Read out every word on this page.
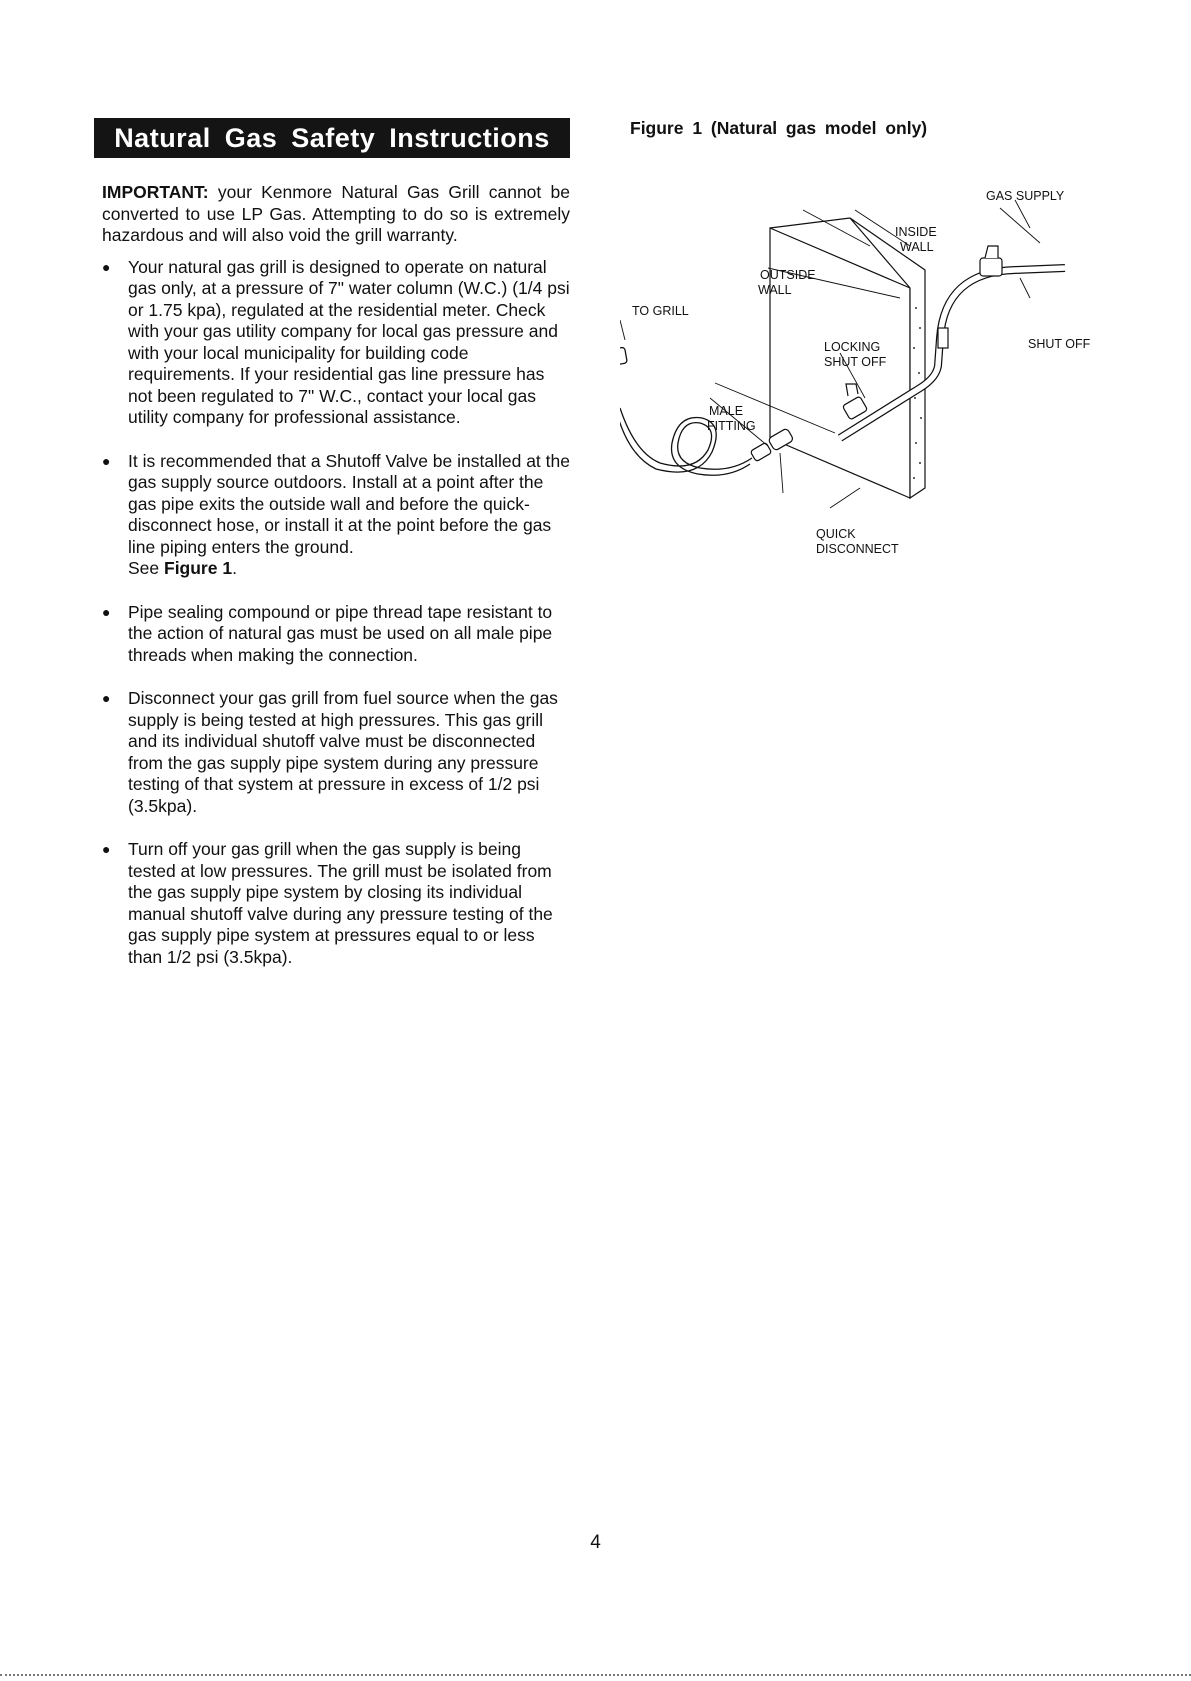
Natural Gas Safety Instructions

IMPORTANT: your Kenmore Natural Gas Grill cannot be converted to use LP Gas. Attempting to do so is extremely hazardous and will also void the grill warranty.

● Your natural gas grill is designed to operate on natural gas only, at a pressure of 7" water column (W.C.) (1/4 psi or 1.75 kpa), regulated at the residential meter. Check with your gas utility company for local gas pressure and with your local municipality for building code requirements. If your residential gas line pressure has not been regulated to 7" W.C., contact your local gas utility company for professional assistance.
● It is recommended that a Shutoff Valve be installed at the gas supply source outdoors. Install at a point after the gas pipe exits the outside wall and before the quick-disconnect hose, or install it at the point before the gas line piping enters the ground.
See Figure 1.
● Pipe sealing compound or pipe thread tape resistant to the action of natural gas must be used on all male pipe threads when making the connection.
● Disconnect your gas grill from fuel source when the gas supply is being tested at high pressures. This gas grill and its individual shutoff valve must be disconnected from the gas supply pipe system during any pressure testing of that system at pressure in excess of 1/2 psi (3.5kpa).
● Turn off your gas grill when the gas supply is being tested at low pressures. The grill must be isolated from the gas supply pipe system by closing its individual manual shutoff valve during any pressure testing of the gas supply pipe system at pressures equal to or less than 1/2 psi (3.5kpa).
Figure 1 (Natural gas model only)
GAS SUPPLY
INSIDE
WALL
OUTSIDE
WALL
TO GRILL
LOCKING
SHUT OFF
SHUT OFF
MALE
FITTING
QUICK
DISCONNECT
4
